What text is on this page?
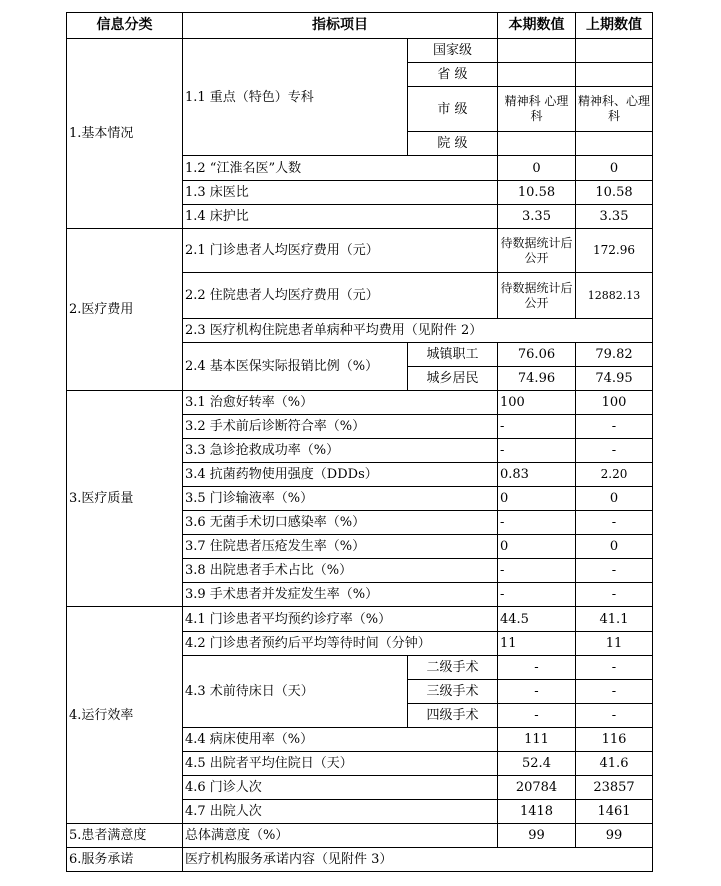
信息分类	指标项目		本期数值	上期数值
1.基本情况	1.1 重点（特色）专科	国家级		
		省 级		
		市 级	精神科 心理科	精神科、心理科

		院 级		
	1.2 “江淮名医”人数		0	0
	1.3 床医比		10.58	10.58
	1.4 床护比		3.35	3.35
2.医疗费用	2.1 门诊患者人均医疗费用（元）		待数据统计后公开	172.96
	2.2 住院患者人均医疗费用（元）		待数据统计后公开	12882.13
	2.3 医疗机构住院患者单病种平均费用（见附件 2）			
	2.4 基本医保实际报销比例（%）	城镇职工	76.06	79.82
		城乡居民	74.96	74.95
3.医疗质量	3.1 治愈好转率（%）		100	100
	3.2 手术前后诊断符合率（%）		-	-
	3.3 急诊抢救成功率（%）		-	-
	3.4 抗菌药物使用强度（DDDs）		0.83	2.20
	3.5 门诊输液率（%）		0	0
	3.6 无菌手术切口感染率（%）		-	-
	3.7 住院患者压疮发生率（%）		0	0
	3.8 出院患者手术占比（%）		-	-
	3.9 手术患者并发症发生率（%）		-	-
4.运行效率	4.1 门诊患者平均预约诊疗率（%）		44.5	41.1
	4.2 门诊患者预约后平均等待时间（分钟）		11	11
	4.3 术前待床日（天）	二级手术	-	-
		三级手术	-	-
		四级手术	-	-
	4.4 病床使用率（%）		111	116
	4.5 出院者平均住院日（天）		52.4	41.6
	4.6 门诊人次		20784	23857
	4.7 出院人次		1418	1461
5.患者满意度	总体满意度（%）		99	99
6.服务承诺	医疗机构服务承诺内容（见附件 3）			
